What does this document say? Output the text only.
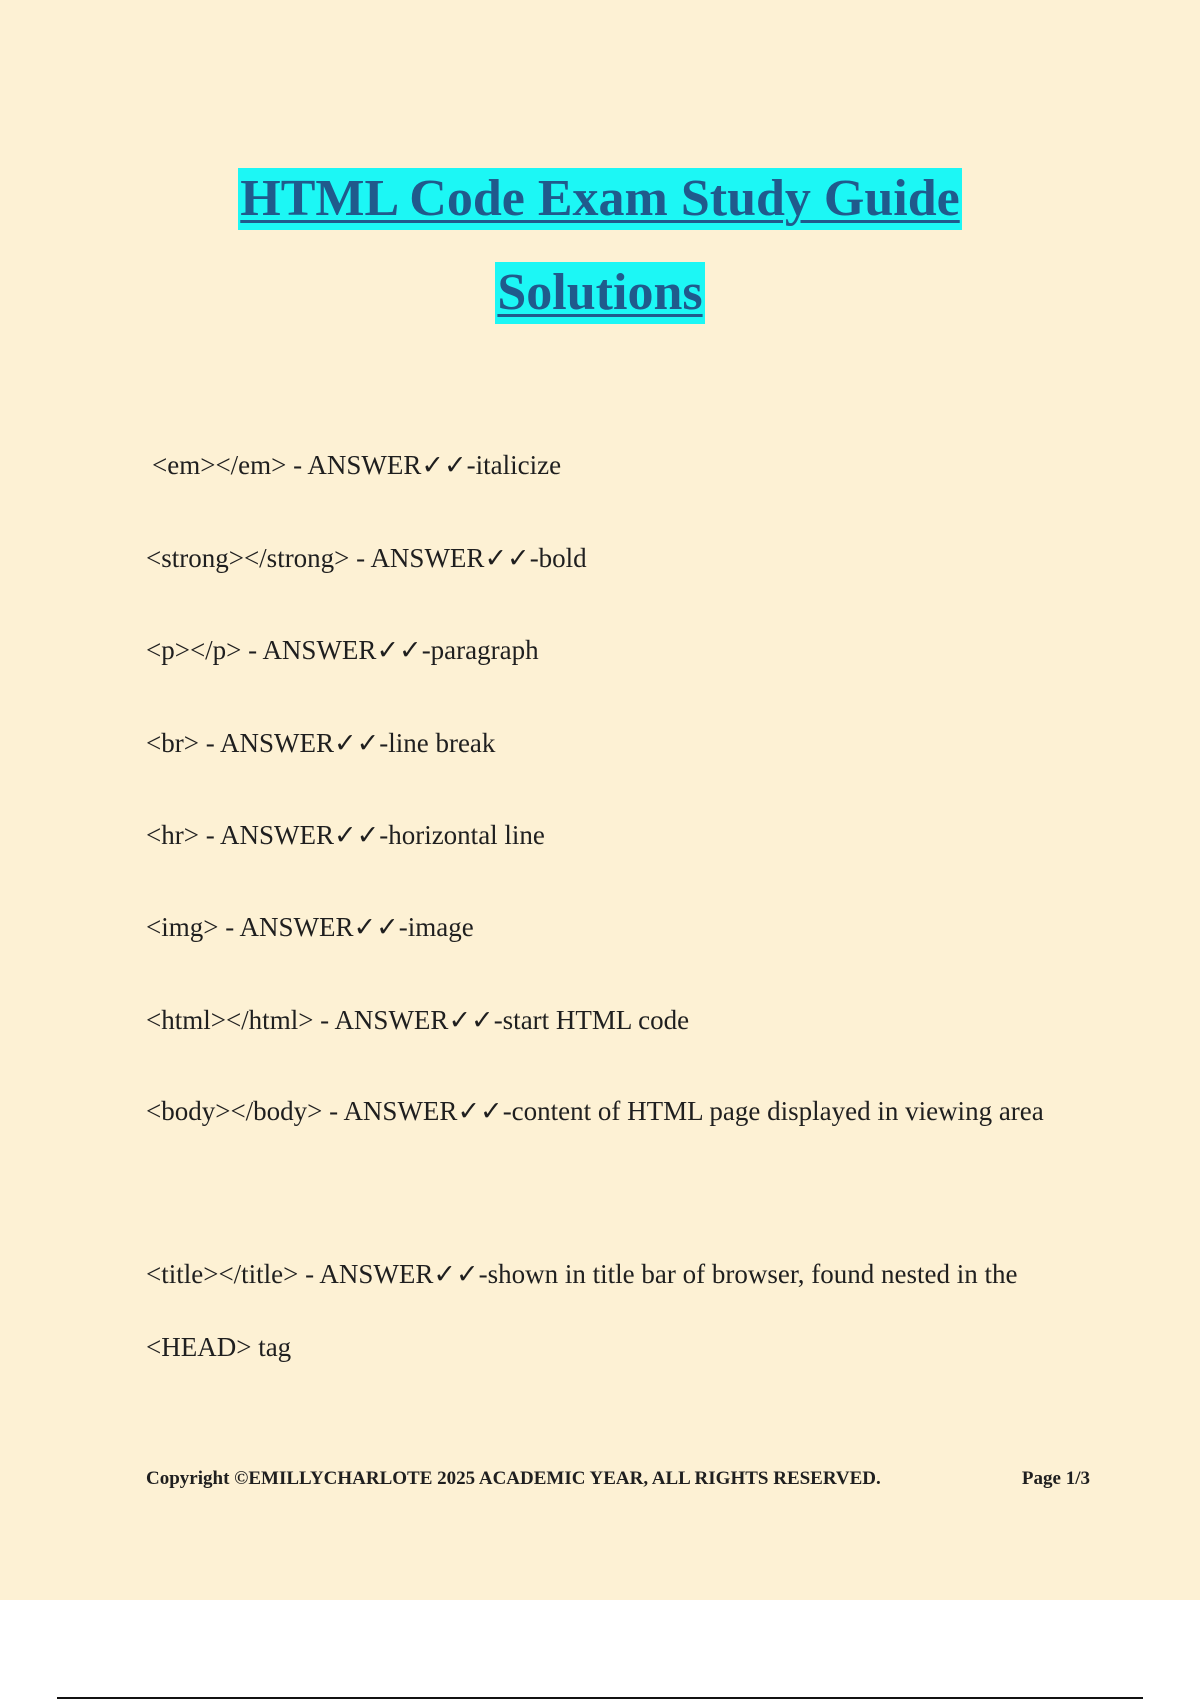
HTML Code Exam Study Guide
Solutions

<em></em> - ANSWER✓✓-italicize

<strong></strong> - ANSWER✓✓-bold

<p></p> - ANSWER✓✓-paragraph

<br> - ANSWER✓✓-line break

<hr> - ANSWER✓✓-horizontal line

<img> - ANSWER✓✓-image

<html></html> - ANSWER✓✓-start HTML code

<body></body> - ANSWER✓✓-content of HTML page displayed in viewing area

<title></title> - ANSWER✓✓-shown in title bar of browser, found nested in the <HEAD> tag

Copyright ©EMILLYCHARLOTE 2025 ACADEMIC YEAR, ALL RIGHTS RESERVED.	Page 1/3
